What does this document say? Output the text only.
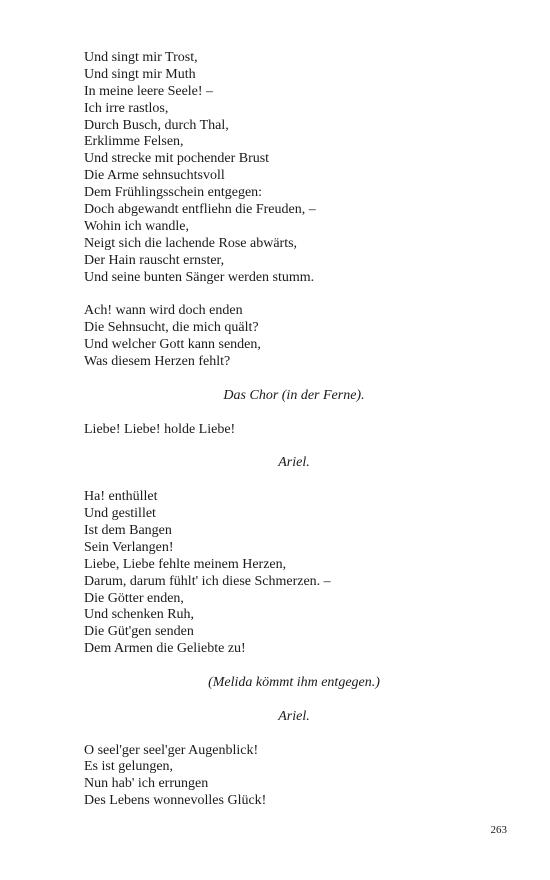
Und singt mir Trost,
Und singt mir Muth
In meine leere Seele! –
Ich irre rastlos,
Durch Busch, durch Thal,
Erklimme Felsen,
Und strecke mit pochender Brust
Die Arme sehnsuchtsvoll
Dem Frühlingsschein entgegen:
Doch abgewandt entfliehn die Freuden, –
Wohin ich wandle,
Neigt sich die lachende Rose abwärts,
Der Hain rauscht ernster,
Und seine bunten Sänger werden stumm.
Ach! wann wird doch enden
Die Sehnsucht, die mich quält?
Und welcher Gott kann senden,
Was diesem Herzen fehlt?
Das Chor (in der Ferne).
Liebe! Liebe! holde Liebe!
Ariel.
Ha! enthüllet
Und gestillet
Ist dem Bangen
Sein Verlangen!
Liebe, Liebe fehlte meinem Herzen,
Darum, darum fühlt' ich diese Schmerzen. –
Die Götter enden,
Und schenken Ruh,
Die Güt'gen senden
Dem Armen die Geliebte zu!
(Melida kömmt ihm entgegen.)
Ariel.
O seel'ger seel'ger Augenblick!
Es ist gelungen,
Nun hab' ich errungen
Des Lebens wonnevolles Glück!
263
